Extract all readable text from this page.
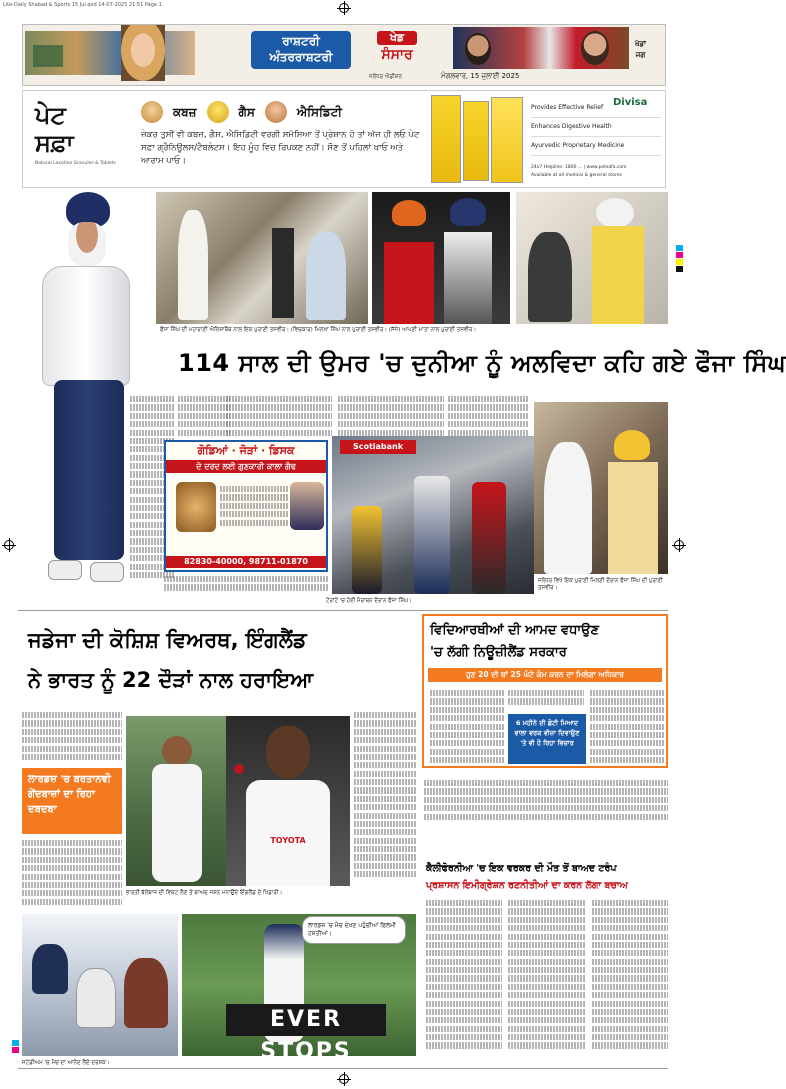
Lite-Daily Shabad & Sports 15 Jul.qxd 14-07-2025 21:51 Page 1
ਰਾਸ਼ਟਰੀ
ਅੰਤਰਰਾਸ਼ਟਰੀ
ਖੇਡ
ਸੰਸਾਰ
ਜਲੰਧਰ ਐਡੀਸ਼ਨ	ਮੰਗਲਵਾਰ, 15 ਜੁਲਾਈ 2025
ਖੇਡਾਂ
ਜਗ
ਪੇਟ
ਸਫ਼ਾ
Natural Laxative Granules & Tablets
ਕਬਜ਼	ਗੈਸ	ਐਸਿਡਿਟੀ
ਜੇਕਰ ਤੁਸੀਂ ਵੀ ਕਬਜ਼, ਗੈਸ, ਐਸਿਡਿਟੀ ਵਰਗੀ ਸਮੱਸਿਆ ਤੋਂ ਪ੍ਰੇਸ਼ਾਨ ਹੋ ਤਾਂ ਅੱਜ ਹੀ ਲਓ ਪੇਟ ਸਫ਼ਾ ਗ੍ਰੈਨਿਊਲਸ/ਟੈਬਲੇਟਸ। ਇਹ ਮੂੰਹ ਵਿਚ ਰਿਪਕਣ ਨਹੀਂ। ਸੌਣ ਤੋਂ ਪਹਿਲਾਂ ਖਾਓ ਅਤੇ ਆਰਾਮ ਪਾਓ।
Provides Effective Relief
Enhances Digestive Health
Ayurvedic Proprietary Medicine
Divisa
24x7 Helpline: 1800 ... | www.petsafa.com
Available at all medical & general stores
ਫੌਜਾ ਸਿੰਘ ਦੀ ਮਹਾਰਾਣੀ ਐਲਿਜ਼ਾਬੈਥ ਨਾਲ ਇਕ ਪੁਰਾਣੀ ਤਸਵੀਰ। (ਵਿਚਕਾਰ) ਮਿਲਖਾ ਸਿੰਘ ਨਾਲ ਪੁਰਾਣੀ ਤਸਵੀਰ। (ਸੱਜੇ) ਆਪਣੀ ਮਾਤਾ ਨਾਲ ਪੁਰਾਣੀ ਤਸਵੀਰ।
114 ਸਾਲ ਦੀ ਉਮਰ 'ਚ ਦੁਨੀਆ ਨੂੰ ਅਲਵਿਦਾ ਕਹਿ ਗਏ ਫੌਜਾ ਸਿੰਘ
ਗੋਡਿਆਂ · ਜੋੜਾਂ · ਡਿਸਕ
ਦੇ ਦਰਦ ਲਈ ਗੁਣਕਾਰੀ ਕਾਲਾ ਗੰਢ
82830-40000, 98711-01870
Scotiabank
ਟੋਰਾਂਟੋ 'ਚ ਹੋਈ ਮੈਰਾਥਨ ਦੌਰਾਨ ਫੌਜਾ ਸਿੰਘ।
ਜਲੰਧਰ ਵਿਖੇ ਇਕ ਪੁਰਾਣੀ ਮਿਲਣੀ ਦੌਰਾਨ ਫੌਜਾ ਸਿੰਘ ਦੀ ਪੁਰਾਣੀ ਤਸਵੀਰ।
ਜਡੇਜਾ ਦੀ ਕੋਸ਼ਿਸ਼ ਵਿਅਰਥ, ਇੰਗਲੈਂਡ
ਨੇ ਭਾਰਤ ਨੂੰ 22 ਦੌੜਾਂ ਨਾਲ ਹਰਾਇਆ
ਲਾਰਡਜ਼ 'ਚ ਬਰਤਾਨਵੀ ਗੇਂਦਬਾਜ਼ਾਂ ਦਾ ਰਿਹਾ ਦਬਦਬਾ
TOYOTA
ਭਾਰਤੀ ਬੱਲੇਬਾਜ਼ ਦੀ ਵਿਕਟ ਲੈਣ ਤੋਂ ਬਾਅਦ ਜਸ਼ਨ ਮਨਾਉਂਦੇ ਇੰਗਲੈਂਡ ਦੇ ਖਿਡਾਰੀ।
ਸਟੇਡੀਅਮ 'ਚ ਮੈਚ ਦਾ ਆਨੰਦ ਲੈਂਦੇ ਦਰਸ਼ਕ।
EVER STOPS
ਲਾਰਡਜ਼ 'ਚ ਮੈਚ ਦੇਖਣ ਪਹੁੰਚੀਆਂ ਫਿਲਮੀ ਹਸਤੀਆਂ।
ਵਿਦਿਆਰਥੀਆਂ ਦੀ ਆਮਦ ਵਧਾਉਣ
'ਚ ਲੱਗੀ ਨਿਊਜ਼ੀਲੈਂਡ ਸਰਕਾਰ
ਹੁਣ 20 ਦੀ ਥਾਂ 25 ਘੰਟੇ ਕੰਮ ਕਰਨ ਦਾ ਮਿਲੇਗਾ ਅਧਿਕਾਰ
6 ਮਹੀਨੇ ਦੀ ਛੋਟੀ ਮਿਆਦ ਵਾਲਾ ਵਰਕ ਵੀਜ਼ਾ ਦਿਵਾਉਣ 'ਤੇ ਵੀ ਹੋ ਰਿਹਾ ਵਿਚਾਰ
ਕੈਲੀਫੋਰਨੀਆ 'ਚ ਇਕ ਵਰਕਰ ਦੀ ਮੌਤ ਤੋਂ ਬਾਅਦ ਟਰੰਪ
ਪ੍ਰਸ਼ਾਸਨ ਇਮੀਗ੍ਰੇਸ਼ਨ ਰਣਨੀਤੀਆਂ ਦਾ ਕਰਨ ਲੱਗਾ ਬਚਾਅ
